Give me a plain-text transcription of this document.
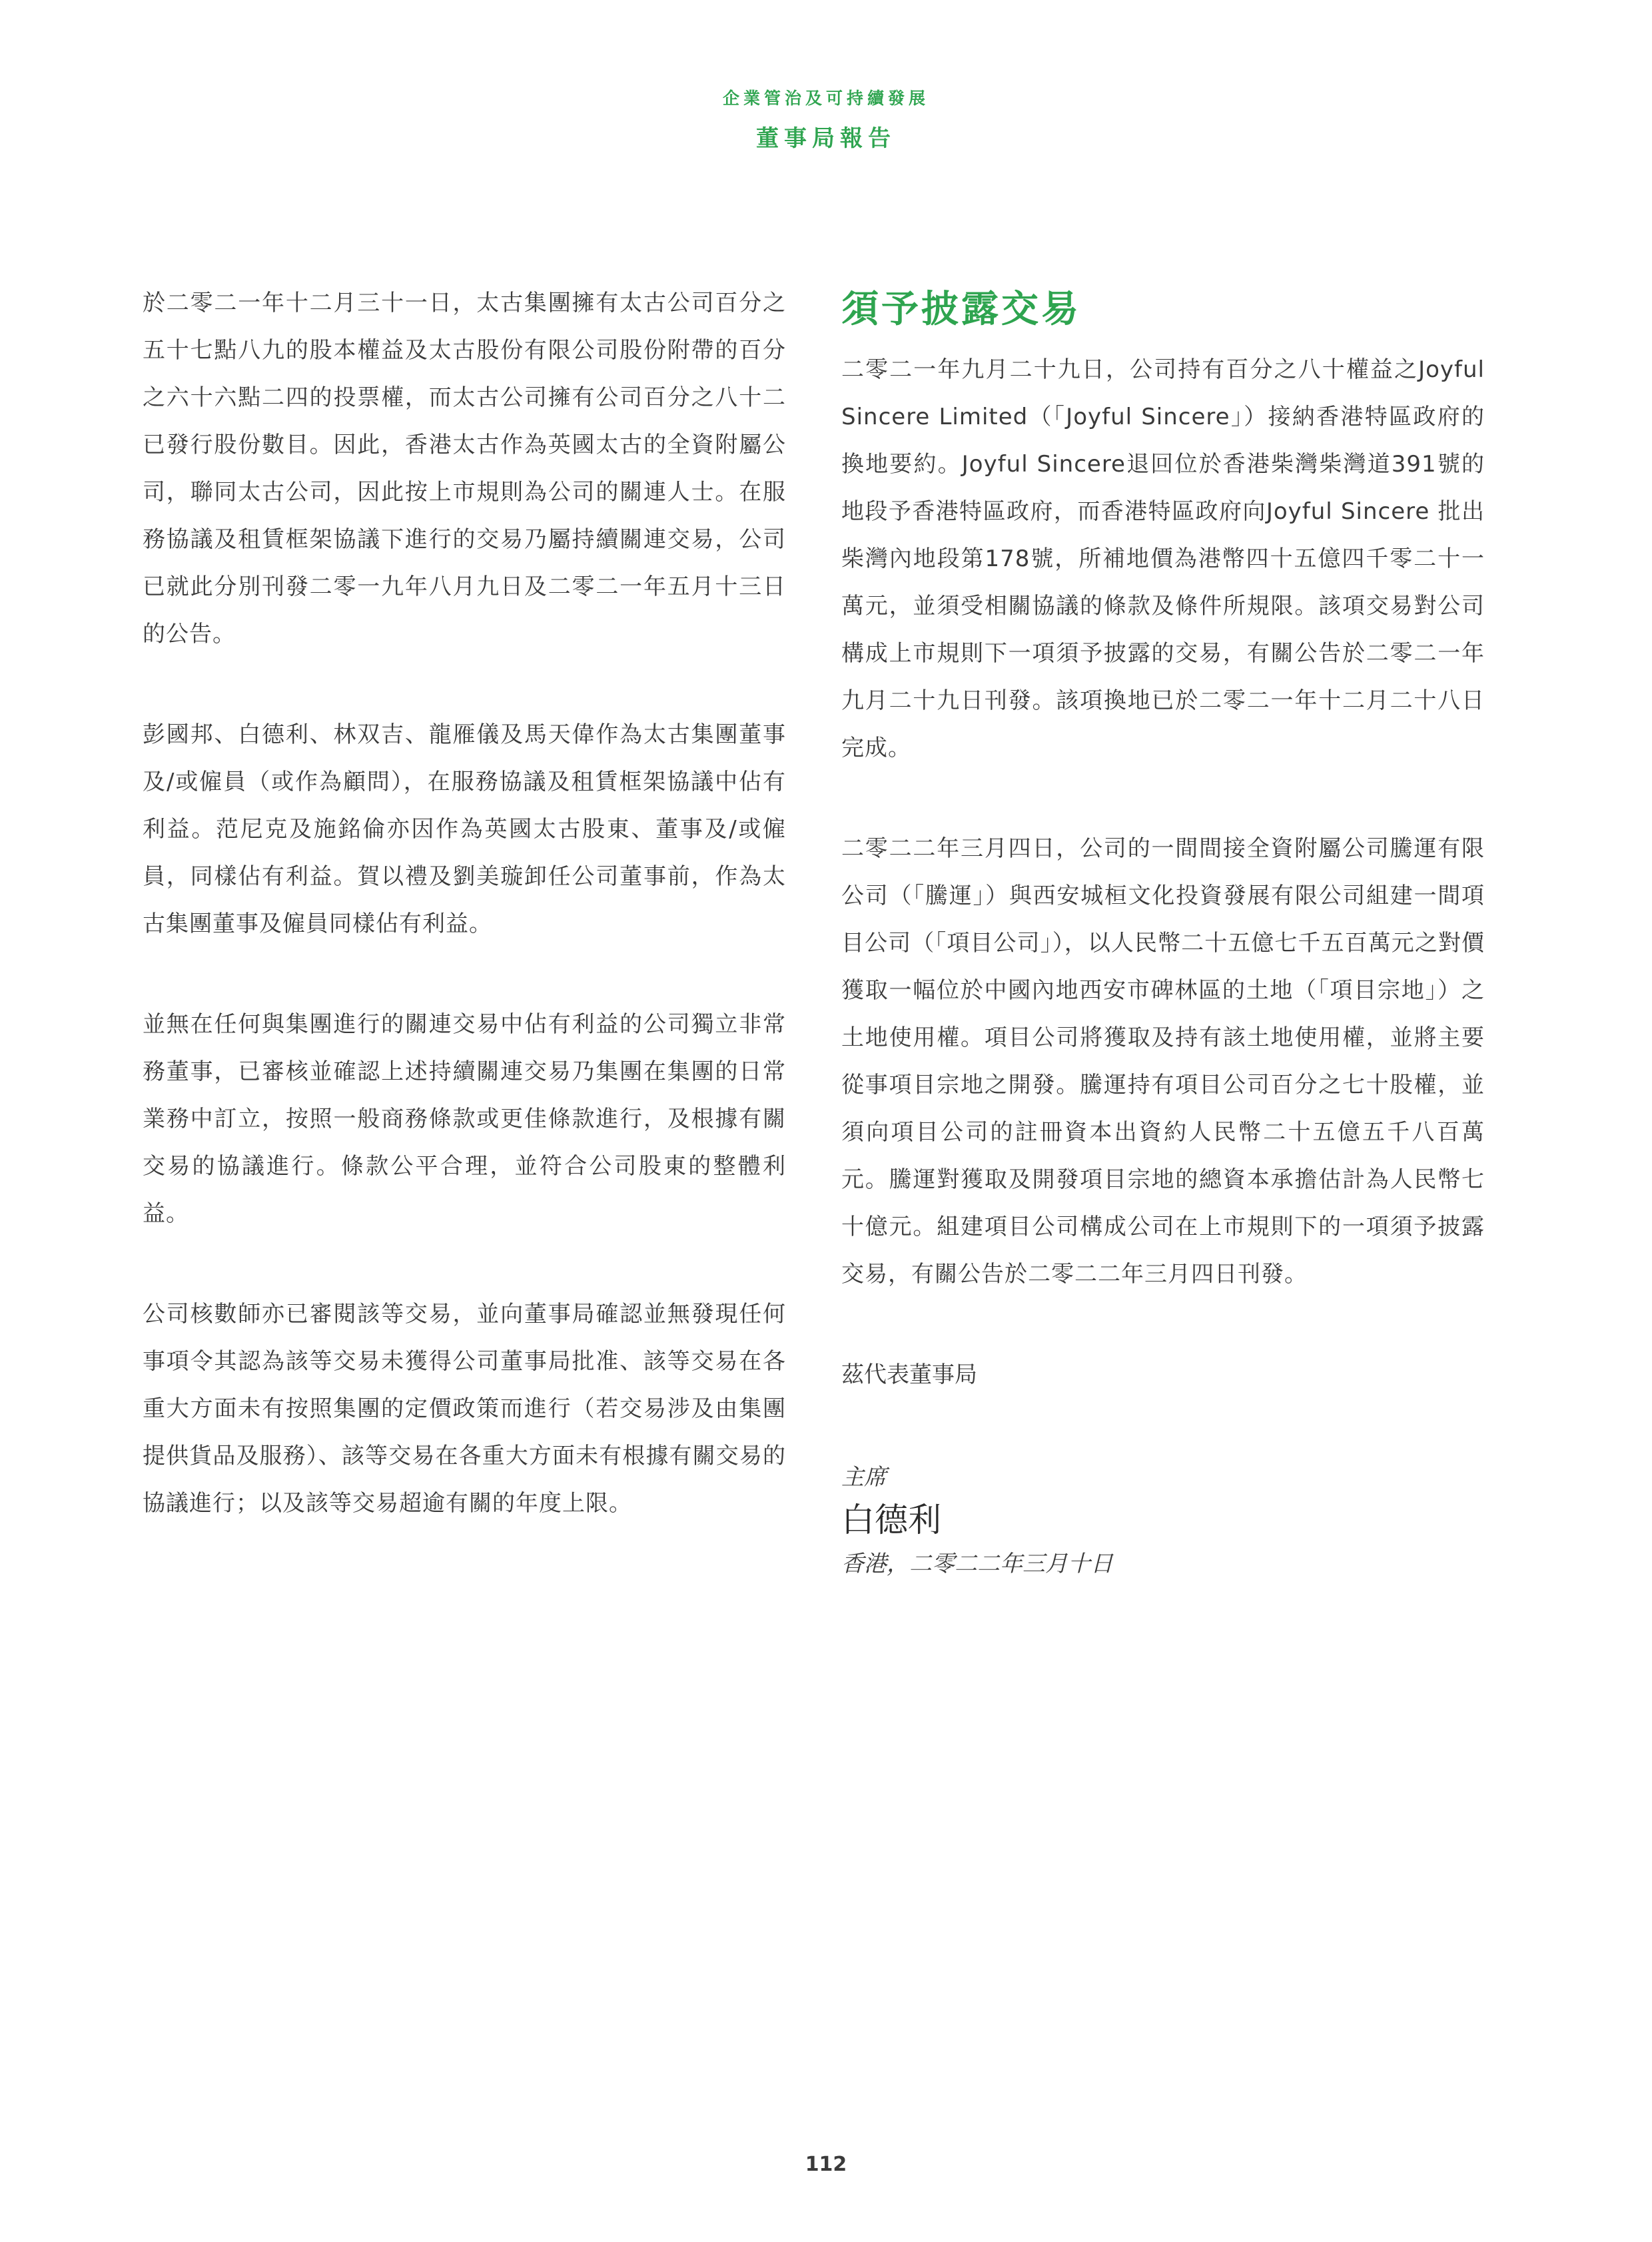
企業管治及可持續發展
董事局報告

於二零二一年十二月三十一日，太古集團擁有太古公司百分之五十七點八九的股本權益及太古股份有限公司股份附帶的百分之六十六點二四的投票權，而太古公司擁有公司百分之八十二已發行股份數目。因此，香港太古作為英國太古的全資附屬公司，聯同太古公司，因此按上市規則為公司的關連人士。在服務協議及租賃框架協議下進行的交易乃屬持續關連交易，公司已就此分別刊發二零一九年八月九日及二零二一年五月十三日的公告。

彭國邦、白德利、林双吉、龍雁儀及馬天偉作為太古集團董事及/或僱員（或作為顧問），在服務協議及租賃框架協議中佔有利益。范尼克及施銘倫亦因作為英國太古股東、董事及/或僱員，同樣佔有利益。賀以禮及劉美璇卸任公司董事前，作為太古集團董事及僱員同樣佔有利益。

並無在任何與集團進行的關連交易中佔有利益的公司獨立非常務董事，已審核並確認上述持續關連交易乃集團在集團的日常業務中訂立，按照一般商務條款或更佳條款進行，及根據有關交易的協議進行。條款公平合理，並符合公司股東的整體利益。

公司核數師亦已審閱該等交易，並向董事局確認並無發現任何事項令其認為該等交易未獲得公司董事局批准、該等交易在各重大方面未有按照集團的定價政策而進行（若交易涉及由集團提供貨品及服務）、該等交易在各重大方面未有根據有關交易的協議進行；以及該等交易超逾有關的年度上限。

須予披露交易

二零二一年九月二十九日，公司持有百分之八十權益之Joyful Sincere Limited（「Joyful Sincere」）接納香港特區政府的換地要約。Joyful Sincere退回位於香港柴灣柴灣道391號的地段予香港特區政府，而香港特區政府向Joyful Sincere 批出柴灣內地段第178號，所補地價為港幣四十五億四千零二十一萬元，並須受相關協議的條款及條件所規限。該項交易對公司構成上市規則下一項須予披露的交易，有關公告於二零二一年九月二十九日刊發。該項換地已於二零二一年十二月二十八日完成。

二零二二年三月四日，公司的一間間接全資附屬公司騰運有限公司（「騰運」）與西安城桓文化投資發展有限公司組建一間項目公司（「項目公司」），以人民幣二十五億七千五百萬元之對價獲取一幅位於中國內地西安市碑林區的土地（「項目宗地」）之土地使用權。項目公司將獲取及持有該土地使用權，並將主要從事項目宗地之開發。騰運持有項目公司百分之七十股權，並須向項目公司的註冊資本出資約人民幣二十五億五千八百萬元。騰運對獲取及開發項目宗地的總資本承擔估計為人民幣七十億元。組建項目公司構成公司在上市規則下的一項須予披露交易，有關公告於二零二二年三月四日刊發。

茲代表董事局
主席
白德利
香港，二零二二年三月十日
112
